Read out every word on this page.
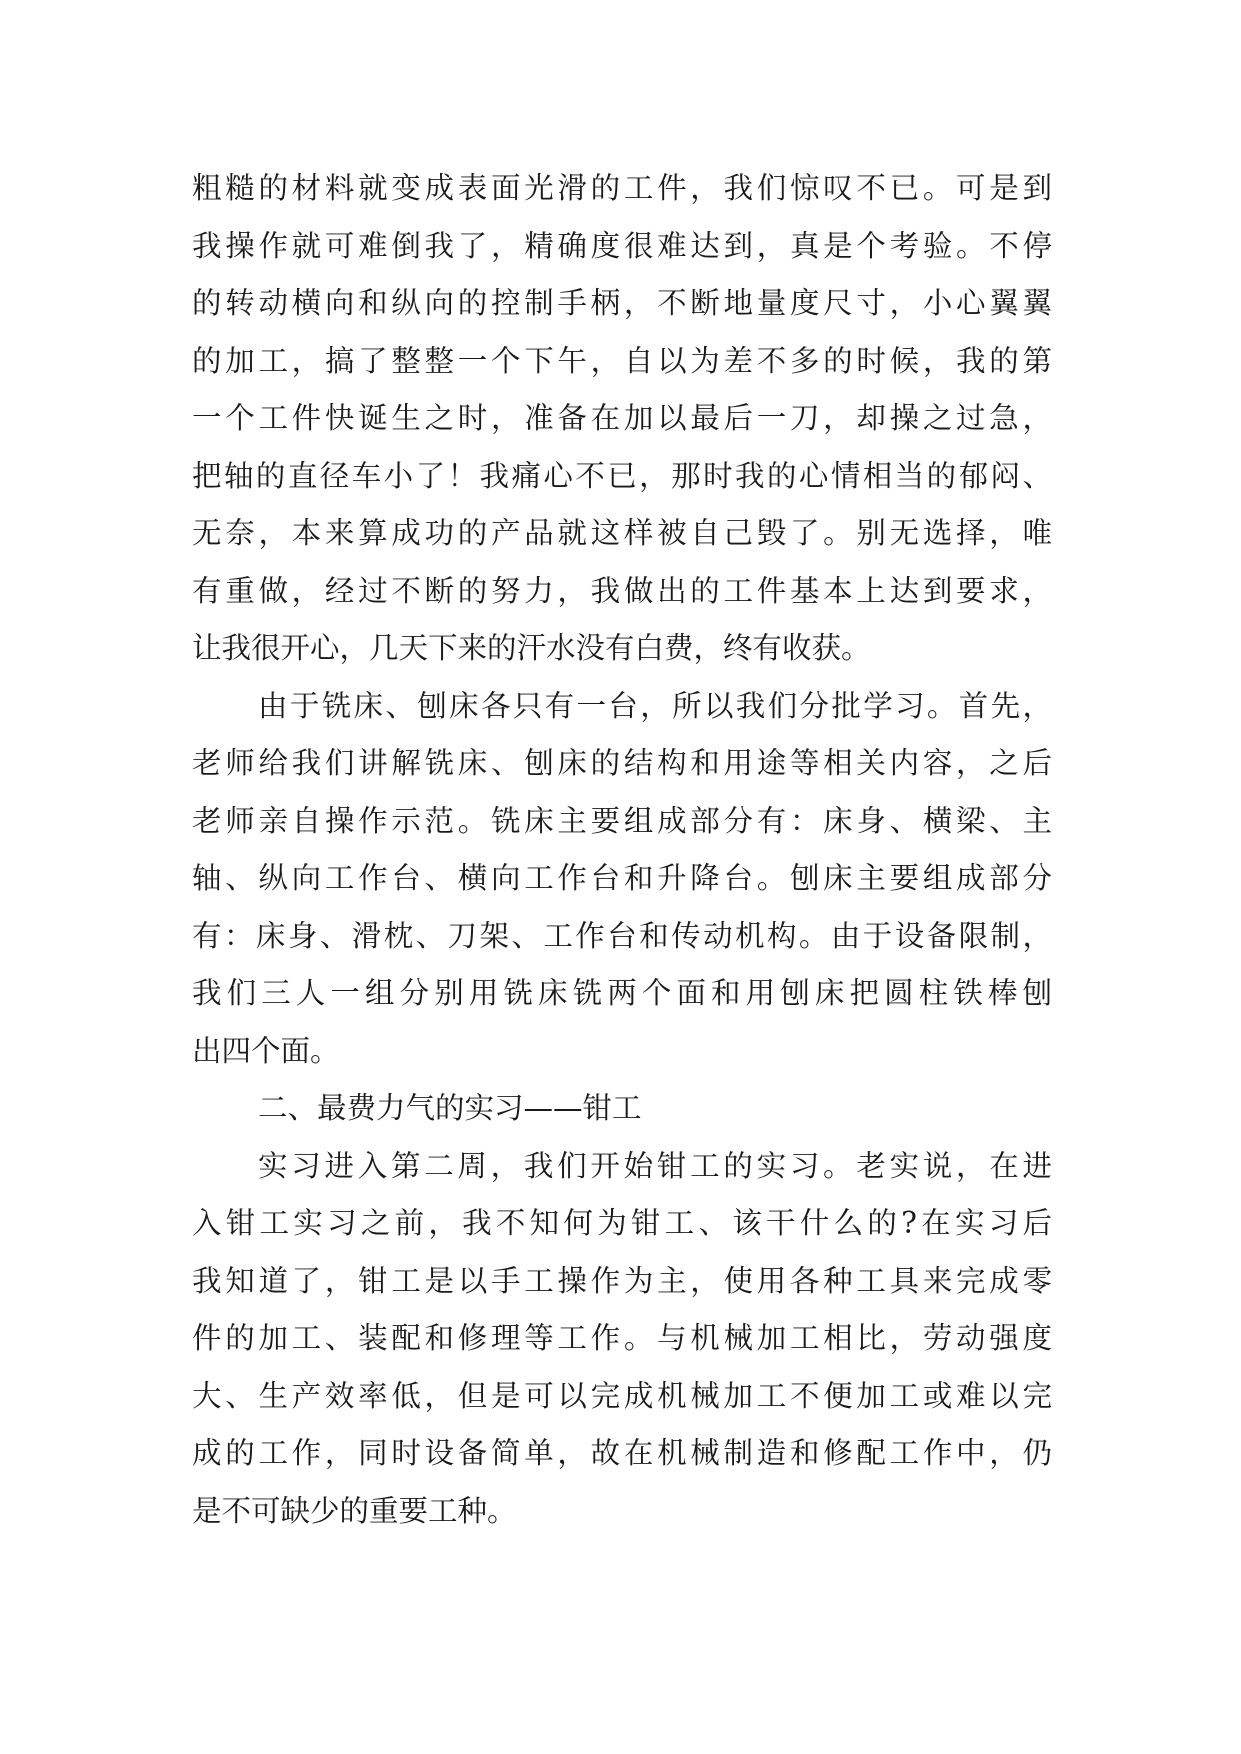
粗糙的材料就变成表面光滑的工件，我们惊叹不已。可是到
我操作就可难倒我了，精确度很难达到，真是个考验。不停
的转动横向和纵向的控制手柄，不断地量度尺寸，小心翼翼
的加工，搞了整整一个下午，自以为差不多的时候，我的第
一个工件快诞生之时，准备在加以最后一刀，却操之过急，
把轴的直径车小了！我痛心不已，那时我的心情相当的郁闷、
无奈，本来算成功的产品就这样被自己毁了。别无选择，唯
有重做，经过不断的努力，我做出的工件基本上达到要求，
让我很开心，几天下来的汗水没有白费，终有收获。
由于铣床、刨床各只有一台，所以我们分批学习。首先，
老师给我们讲解铣床、刨床的结构和用途等相关内容，之后
老师亲自操作示范。铣床主要组成部分有：床身、横梁、主
轴、纵向工作台、横向工作台和升降台。刨床主要组成部分
有：床身、滑枕、刀架、工作台和传动机构。由于设备限制，
我们三人一组分别用铣床铣两个面和用刨床把圆柱铁棒刨
出四个面。
二、最费力气的实习——钳工
实习进入第二周，我们开始钳工的实习。老实说，在进
入钳工实习之前，我不知何为钳工、该干什么的?在实习后
我知道了，钳工是以手工操作为主，使用各种工具来完成零
件的加工、装配和修理等工作。与机械加工相比，劳动强度
大、生产效率低，但是可以完成机械加工不便加工或难以完
成的工作，同时设备简单，故在机械制造和修配工作中，仍
是不可缺少的重要工种。
